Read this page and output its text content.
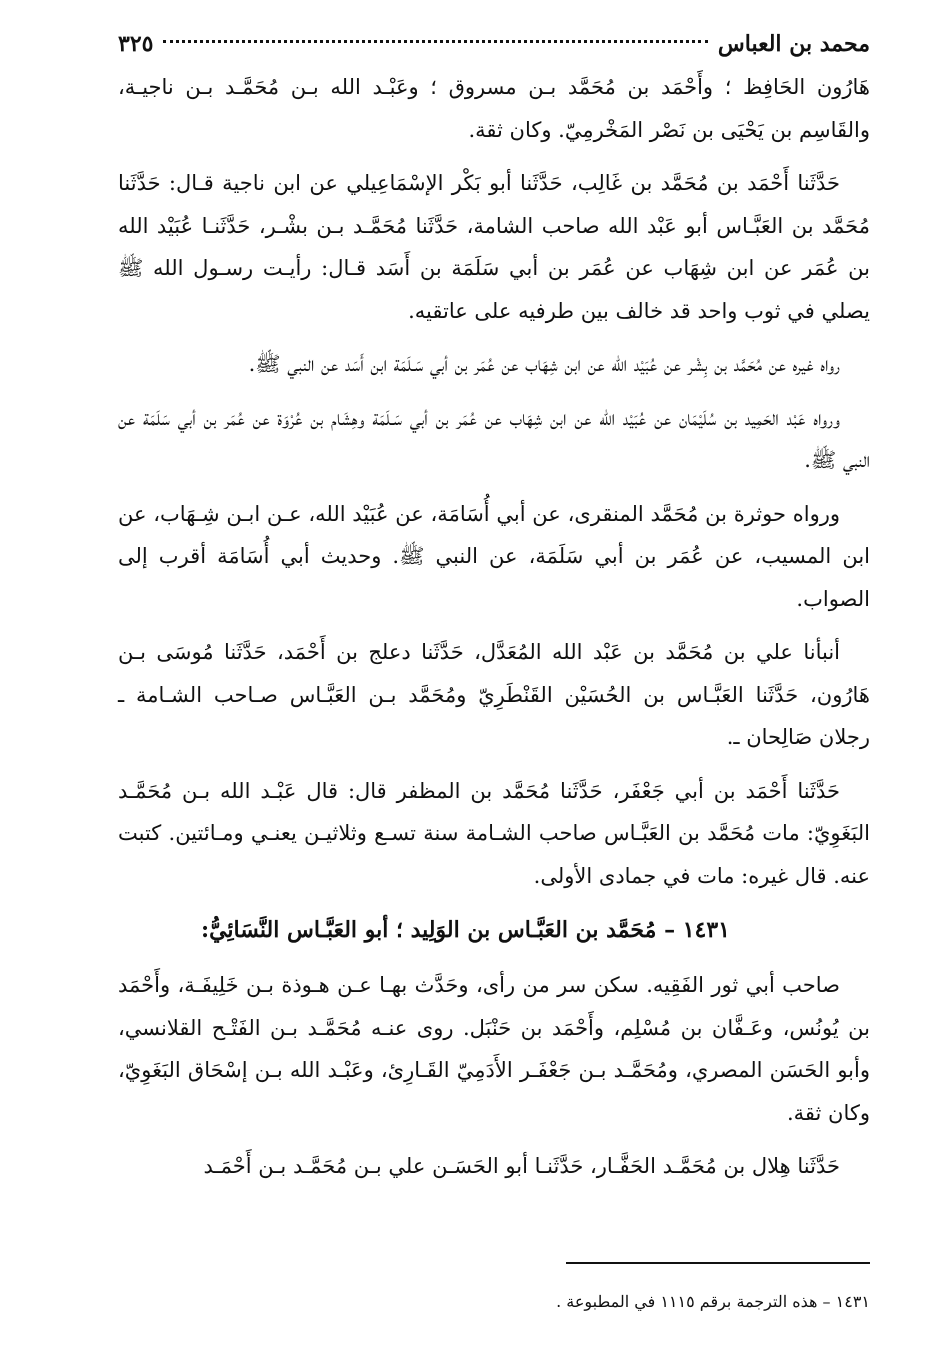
محمد بن العباس
٣٢٥

هَارُون الحَافِظ ؛ وأَحْمَد بن مُحَمَّد بـن مسروق ؛ وعَبْـد الله بـن مُحَمَّـد بـن ناجيـة، والقَاسِم بن يَحْيَى بن نَصْر المَخْرمِيّ. وكان ثقة.

حَدَّثَنا أَحْمَد بن مُحَمَّد بن غَالِب، حَدَّثَنا أبو بَكْر الإسْمَاعِيلي عن ابن ناجية قـال: حَدَّثَنا مُحَمَّد بن العَبَّـاس أبو عَبْد الله صاحب الشامة، حَدَّثَنا مُحَمَّـد بـن بشْـر، حَدَّثَنـا عُبَيْد الله بن عُمَر عن ابن شِهَاب عن عُمَر بن أبي سَلَمَة بن أَسَد قـال: رأيـت رسـول الله ﷺ يصلي في ثوب واحد قد خالف بين طرفيه على عاتقيه.

رواه غيره عن مُحَمَّد بن بِشْر عن عُبَيْد الله عن ابن شِهَاب عن عُمَر بن أبي سَـلَمَة ابن أَسَد عن النبي ﷺ.

ورواه عَبْد الحَمِيد بن سُلَيْمَان عن عُبَيْد الله عن ابن شِهَاب عن عُمَر بن أبي سَـلَمَة وهِشَام بن عُرْوَة عن عُمَر بن أبي سَلَمَة عن النبي ﷺ.

ورواه حوثرة بن مُحَمَّد المنقرى، عن أبي أُسَامَة، عن عُبَيْد الله، عـن ابـن شِـهَاب، عن ابن المسيب، عن عُمَر بن أبي سَلَمَة، عن النبي ﷺ. وحديث أبي أُسَامَة أقرب إلى الصواب.

أنبأنا علي بن مُحَمَّد بن عَبْد الله المُعَدَّل، حَدَّثَنا دعلج بن أَحْمَد، حَدَّثَنا مُوسَى بـن هَارُون، حَدَّثَنا العَبَّـاس بن الحُسَيْن القَنْطَرِيّ ومُحَمَّد بـن العَبَّـاس صـاحب الشـامة ـ رجلان صَالِحان ـ.

حَدَّثَنا أَحْمَد بن أبي جَعْفَر، حَدَّثَنا مُحَمَّد بن المظفر قال: قال عَبْـد الله بـن مُحَمَّـد البَغَوِيّ: مات مُحَمَّد بن العَبَّـاس صاحب الشـامة سنة تسـع وثلاثيـن يعنـي ومـائتين. كتبت عنه. قال غيره: مات في جمادى الأولى.

١٤٣١ – مُحَمَّد بن العَبَّـاس بن الوَلِيد ؛ أبو العَبَّـاس النَّسَائِيُّ:

صاحب أبي ثور الفَقِيه. سكن سر من رأى، وحَدَّث بهـا عـن هـوذة بـن خَلِيفَـة، وأَحْمَد بن يُونُس، وعَـفَّان بن مُسْلِم، وأَحْمَد بن حَنْبَل. روى عنـه مُحَمَّـد بـن الفَتْـح القلانسي، وأبو الحَسَن المصري، ومُحَمَّـد بـن جَعْفَـر الأَدَمِيّ القَـارِئ، وعَبْـد الله بـن إسْحَاق البَغَوِيّ، وكان ثقة.

حَدَّثَنا هِلال بن مُحَمَّـد الحَفَّـار، حَدَّثَنـا أبو الحَسَـن علي بـن مُحَمَّـد بـن أَحْمَـد

١٤٣١ – هذه الترجمة برقم ١١١٥ في المطبوعة .
